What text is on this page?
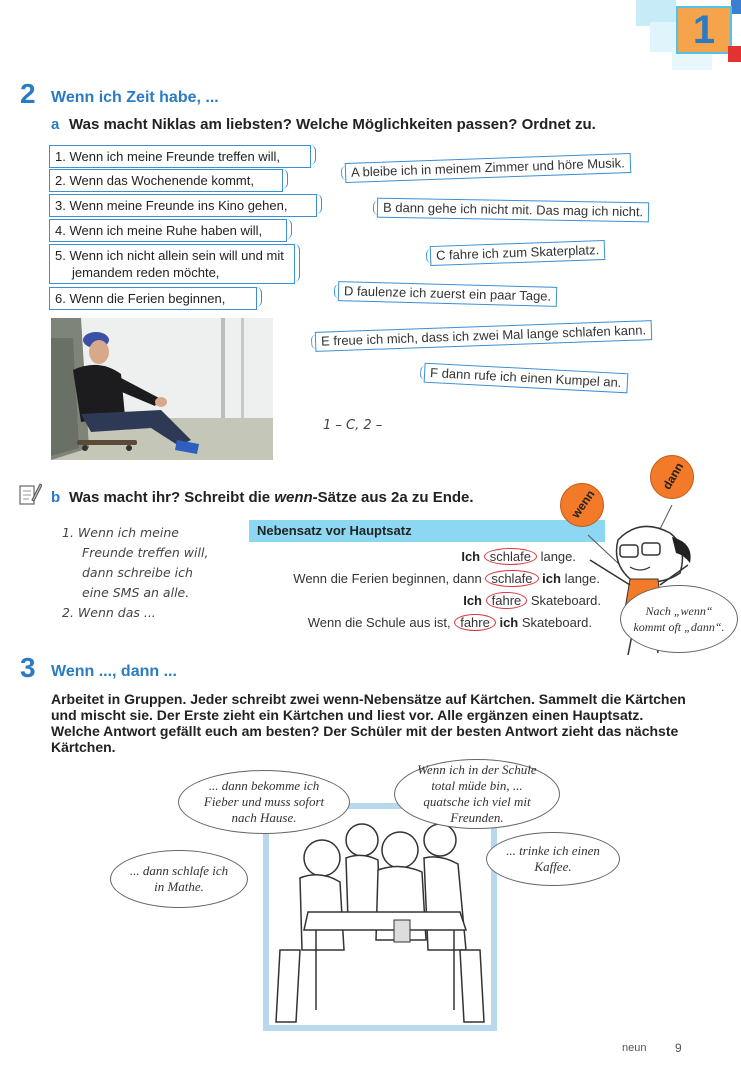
1
2 Wenn ich Zeit habe, ...
a Was macht Niklas am liebsten? Welche Möglichkeiten passen? Ordnet zu.
1. Wenn ich meine Freunde treffen will,
2. Wenn das Wochenende kommt,
3. Wenn meine Freunde ins Kino gehen,
4. Wenn ich meine Ruhe haben will,
5. Wenn ich nicht allein sein will und mit jemandem reden möchte,
6. Wenn die Ferien beginnen,
A bleibe ich in meinem Zimmer und höre Musik.
B dann gehe ich nicht mit. Das mag ich nicht.
C fahre ich zum Skaterplatz.
D faulenze ich zuerst ein paar Tage.
E freue ich mich, dass ich zwei Mal lange schlafen kann.
F dann rufe ich einen Kumpel an.
1 – C, 2 –
b Was macht ihr? Schreibt die wenn-Sätze aus 2a zu Ende.
1. Wenn ich meine
Freunde treffen will,
dann schreibe ich
eine SMS an alle.
2. Wenn das ...
Nebensatz vor Hauptsatz
Ich schlafe lange.
Wenn die Ferien beginnen, dann schlafe ich lange.
Ich fahre Skateboard.
Wenn die Schule aus ist, fahre ich Skateboard.
wenn
dann
Nach „wenn“ kommt oft „dann“.
3 Wenn ..., dann ...
Arbeitet in Gruppen. Jeder schreibt zwei wenn-Nebensätze auf Kärtchen. Sammelt die Kärtchen und mischt sie. Der Erste zieht ein Kärtchen und liest vor. Alle ergänzen einen Hauptsatz. Welche Antwort gefällt euch am besten? Der Schüler mit der besten Antwort zieht das nächste Kärtchen.
... dann bekomme ich Fieber und muss sofort nach Hause.
Wenn ich in der Schule total müde bin, ... quatsche ich viel mit Freunden.
... dann schlafe ich in Mathe.
... trinke ich einen Kaffee.
neun 9
